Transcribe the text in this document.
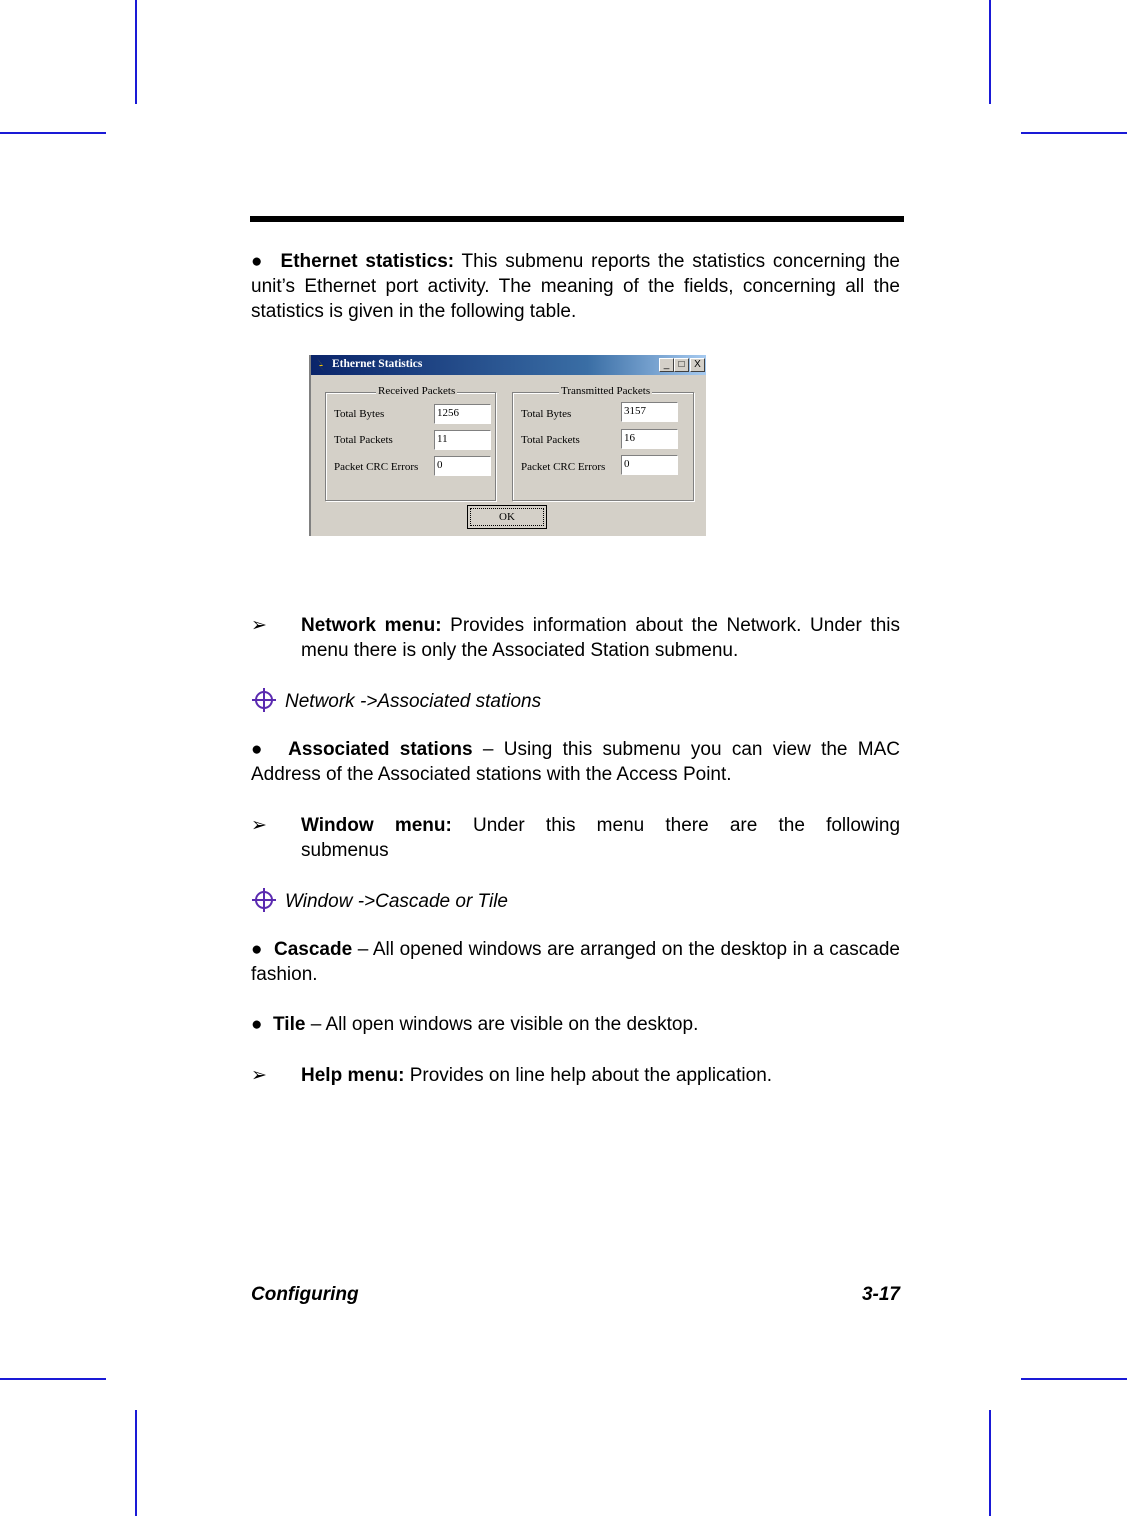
● Ethernet statistics: This submenu reports the statistics concerning the unit’s Ethernet port activity. The meaning of the fields, concerning all the statistics is given in the following table.
Ethernet Statistics	_ □ X
Received Packets
Total Bytes	1256
Total Packets	11
Packet CRC Errors 0
Transmitted Packets
Total Bytes	3157
Total Packets	16
Packet CRC Errors 0
OK
➢ Network menu: Provides information about the Network. Under this menu there is only the Associated Station submenu.
Network ->Associated stations
● Associated stations – Using this submenu you can view the MAC Address of the Associated stations with the Access Point.
➢ Window  menu:  Under  this  menu  there  are  the  following submenus
Window ->Cascade or Tile
● Cascade – All opened windows are arranged on the desktop in a cascade fashion.
● Tile – All open windows are visible on the desktop.
➢ Help menu: Provides on line help about the application.
Configuring	3-17
